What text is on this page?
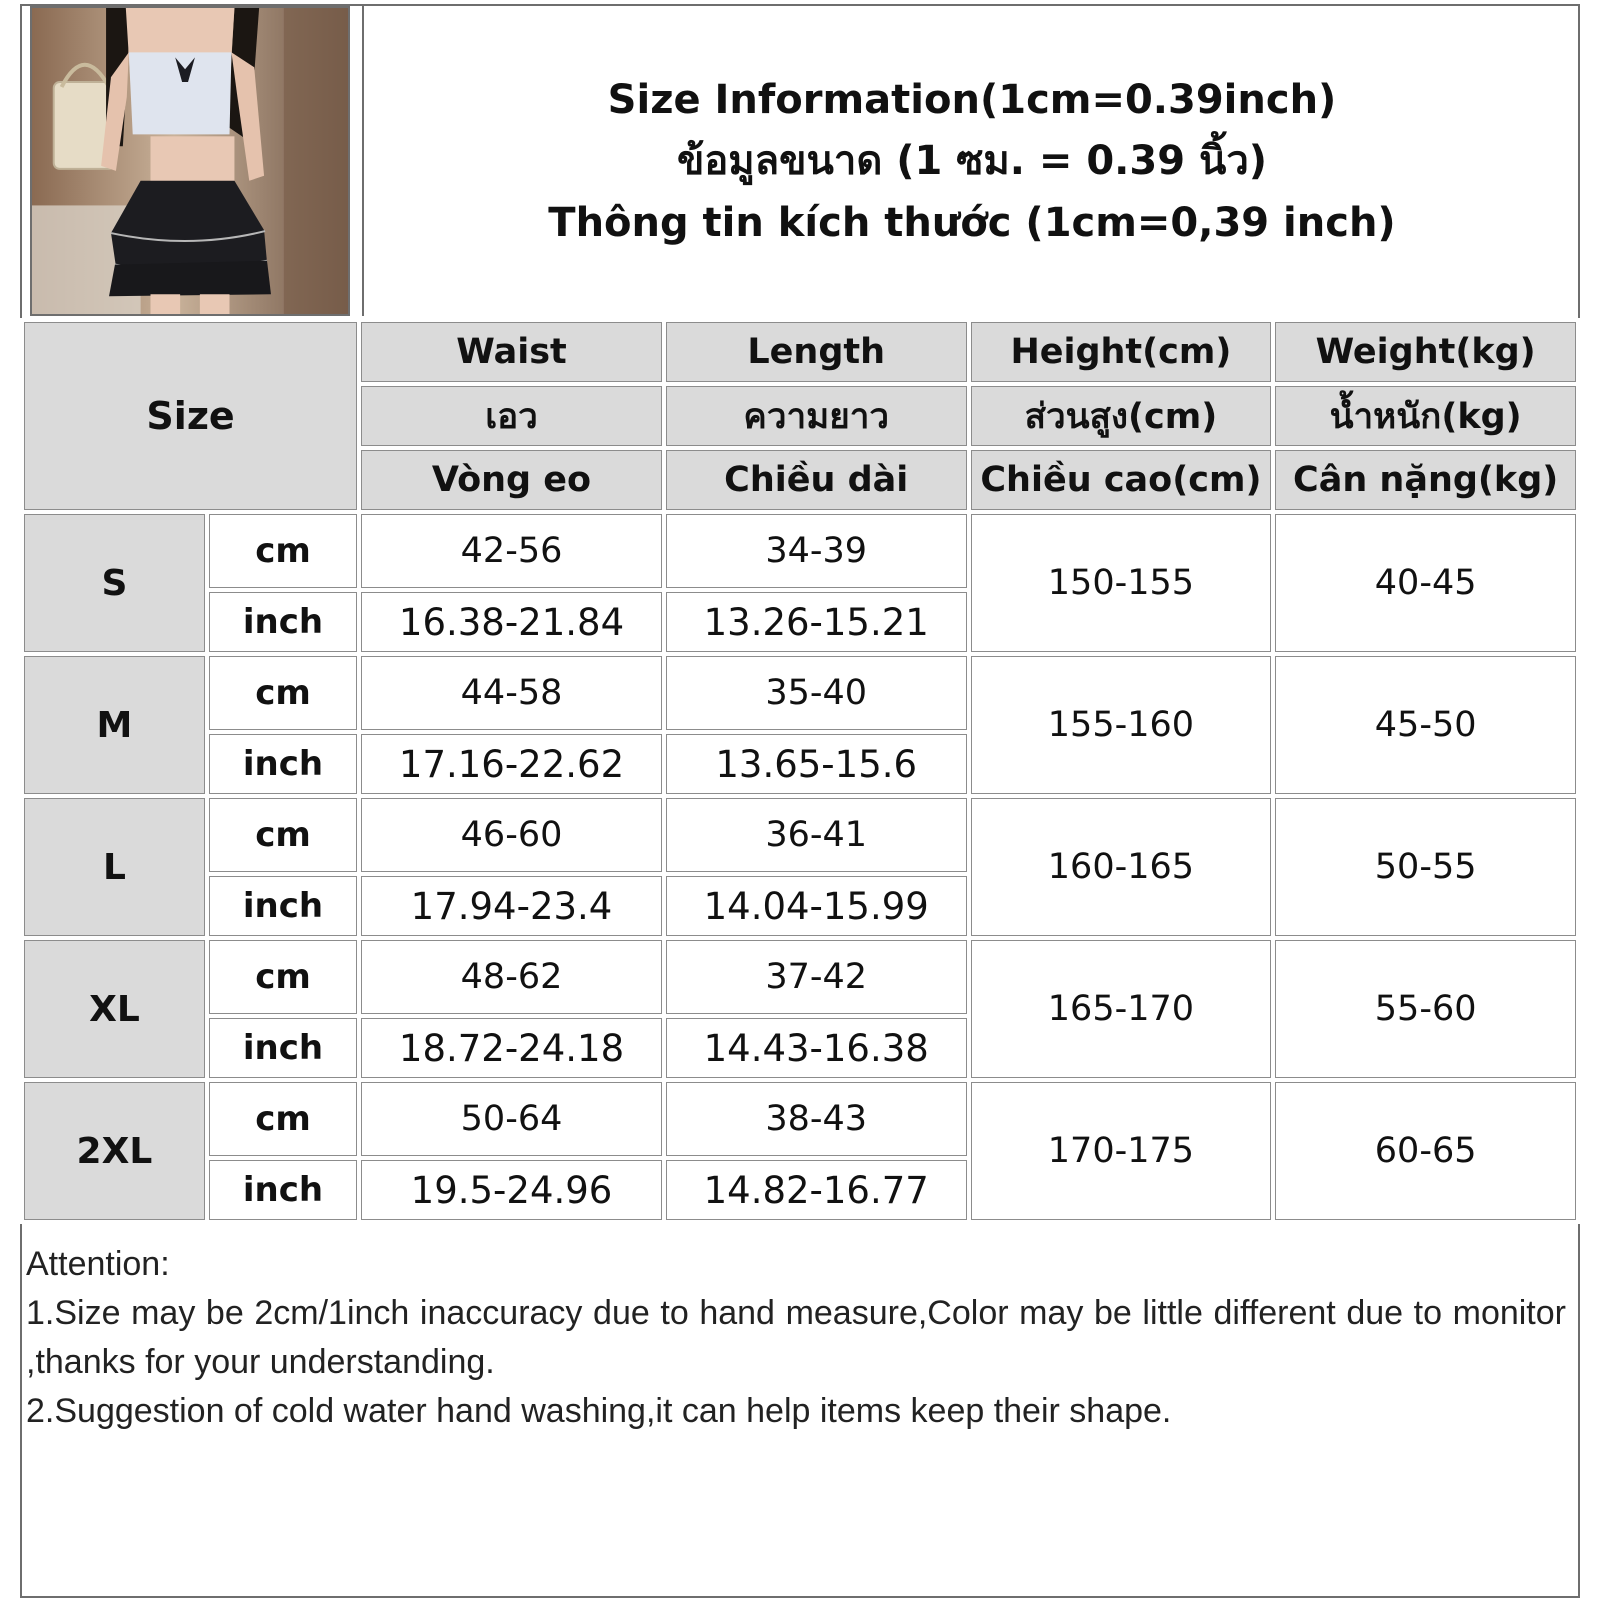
Size Information(1cm=0.39inch)
ข้อมูลขนาด (1 ซม. = 0.39 นิ้ว)
Thông tin kích thước (1cm=0,39 inch)
Size		Waist	Length	Height(cm)	Weight(kg)
		เอว	ความยาว	ส่วนสูง(cm)	น้ำหนัก(kg)
		Vòng eo	Chiều dài	Chiều cao(cm)	Cân nặng(kg)
S	cm	42-56	34-39	150-155	40-45
	inch	16.38-21.84	13.26-15.21		
M	cm	44-58	35-40	155-160	45-50
	inch	17.16-22.62	13.65-15.6		
L	cm	46-60	36-41	160-165	50-55
	inch	17.94-23.4	14.04-15.99		
XL	cm	48-62	37-42	165-170	55-60
	inch	18.72-24.18	14.43-16.38		
2XL	cm	50-64	38-43	170-175	60-65
	inch	19.5-24.96	14.82-16.77		

Attention:

1.Size may be 2cm/1inch inaccuracy due to hand measure,Color may be little different due to monitor ,thanks for your understanding.

2.Suggestion of cold water hand washing,it can help items keep their shape.
